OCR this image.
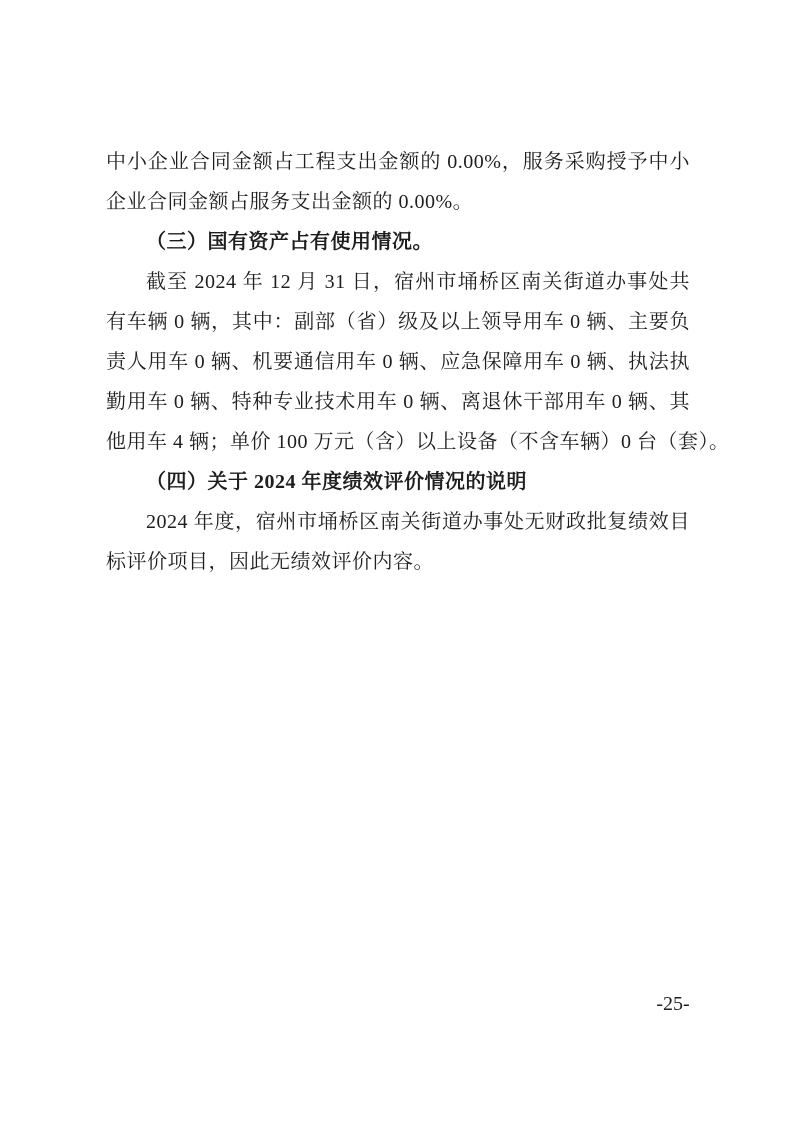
中小企业合同金额占工程支出金额的 0.00%，服务采购授予中小
企业合同金额占服务支出金额的 0.00%。
（三）国有资产占有使用情况。
截至 2024 年 12 月 31 日，宿州市埇桥区南关街道办事处共
有车辆 0 辆，其中：副部（省）级及以上领导用车 0 辆、主要负
责人用车 0 辆、机要通信用车 0 辆、应急保障用车 0 辆、执法执
勤用车 0 辆、特种专业技术用车 0 辆、离退休干部用车 0 辆、其
他用车 4 辆；单价 100 万元（含）以上设备（不含车辆）0 台（套）。
（四）关于 2024 年度绩效评价情况的说明
2024 年度，宿州市埇桥区南关街道办事处无财政批复绩效目
标评价项目，因此无绩效评价内容。
-25-
